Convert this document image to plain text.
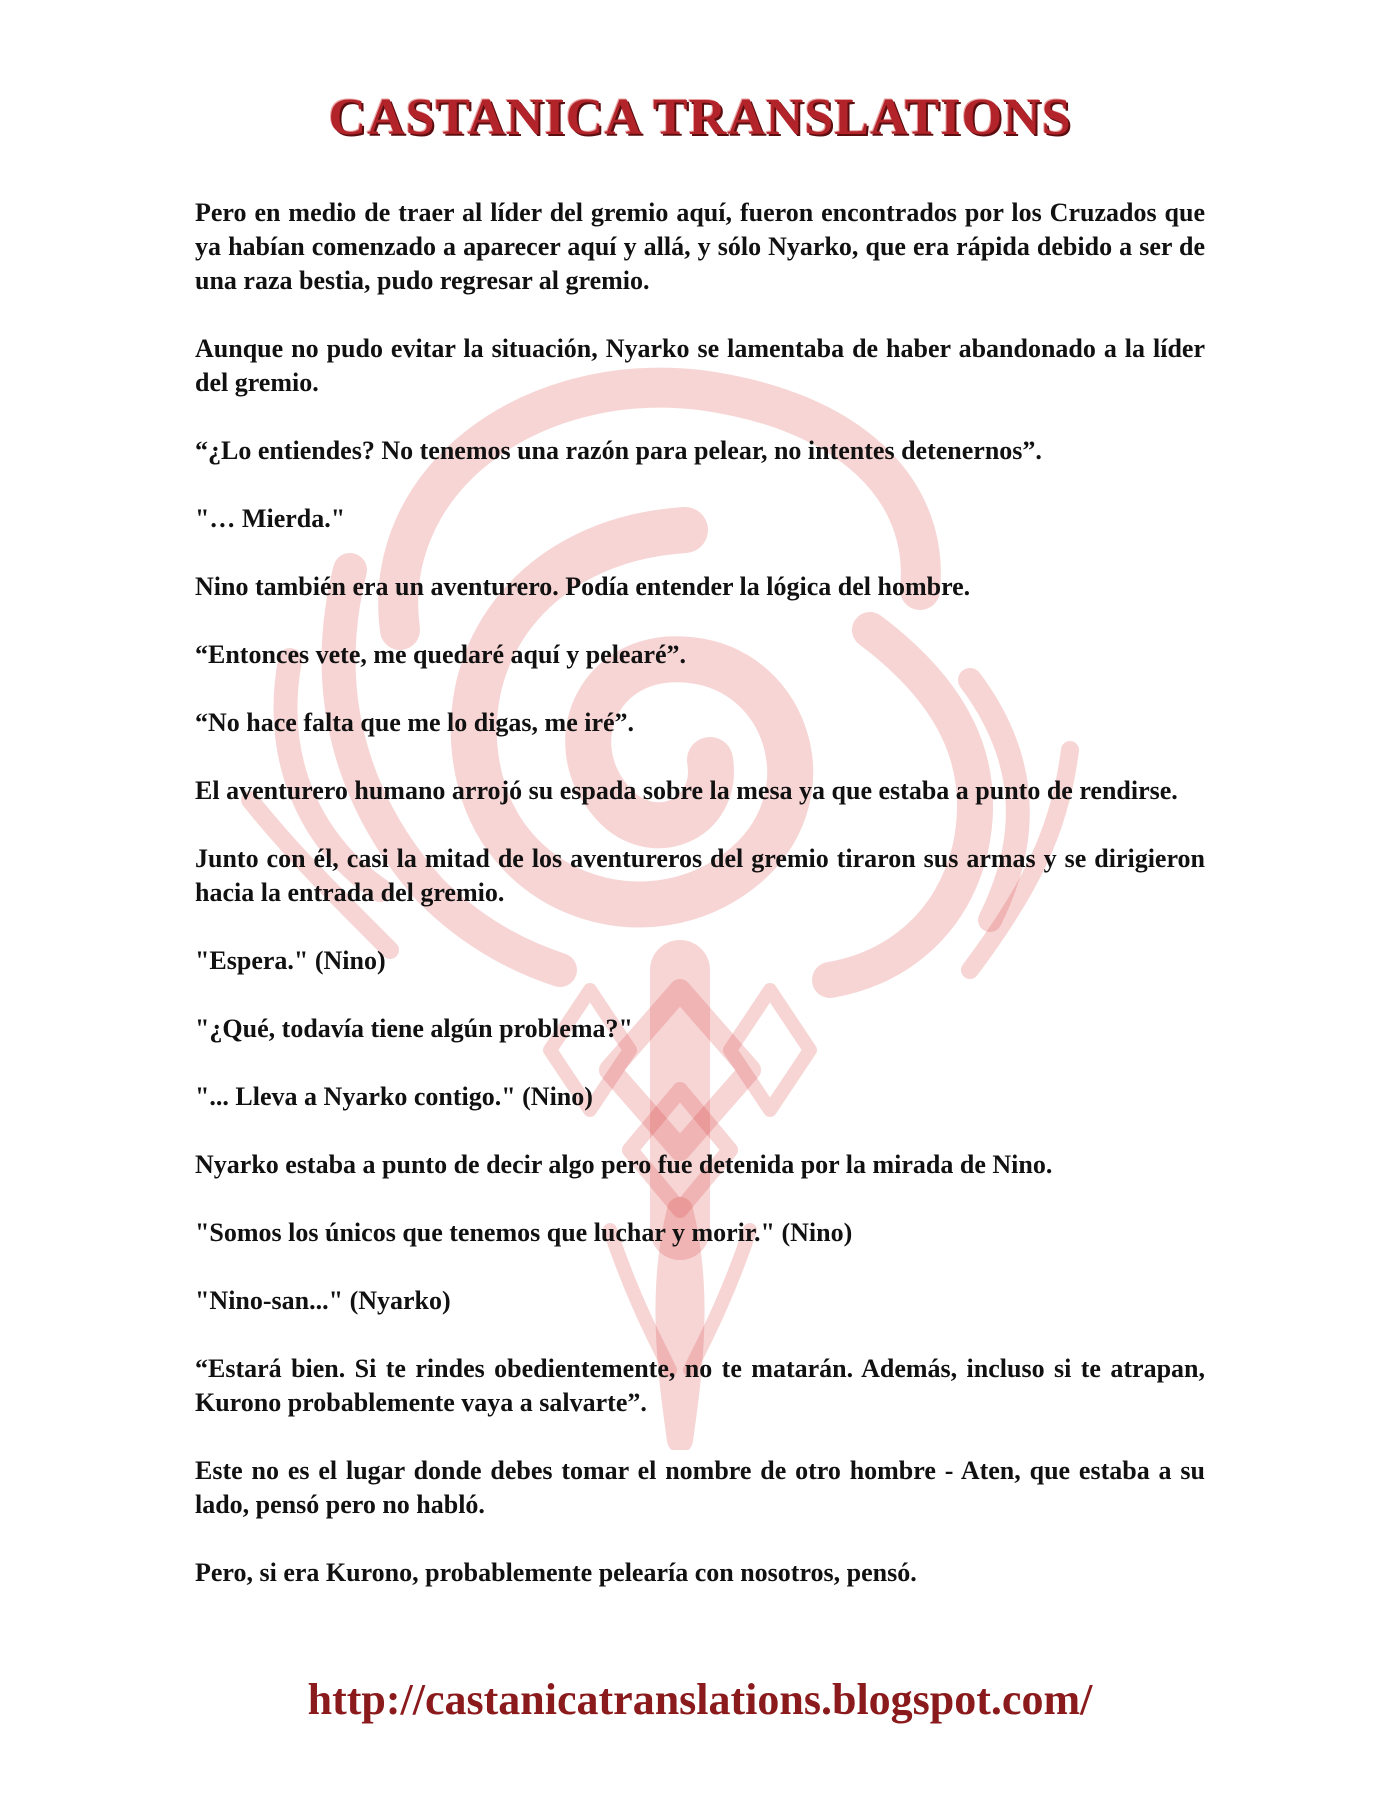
CASTANICA TRANSLATIONS

Pero en medio de traer al líder del gremio aquí, fueron encontrados por los Cruzados que ya habían comenzado a aparecer aquí y allá, y sólo Nyarko, que era rápida debido a ser de una raza bestia, pudo regresar al gremio.

Aunque no pudo evitar la situación, Nyarko se lamentaba de haber abandonado a la líder del gremio.

“¿Lo entiendes? No tenemos una razón para pelear, no intentes detenernos”.

"… Mierda."

Nino también era un aventurero. Podía entender la lógica del hombre.

“Entonces vete, me quedaré aquí y pelearé”.

“No hace falta que me lo digas, me iré”.

El aventurero humano arrojó su espada sobre la mesa ya que estaba a punto de rendirse.

Junto con él, casi la mitad de los aventureros del gremio tiraron sus armas y se dirigieron hacia la entrada del gremio.

"Espera." (Nino)

"¿Qué, todavía tiene algún problema?"

"... Lleva a Nyarko contigo." (Nino)

Nyarko estaba a punto de decir algo pero fue detenida por la mirada de Nino.

"Somos los únicos que tenemos que luchar y morir." (Nino)

"Nino-san..." (Nyarko)

“Estará bien. Si te rindes obedientemente, no te matarán. Además, incluso si te atrapan, Kurono probablemente vaya a salvarte”.

Este no es el lugar donde debes tomar el nombre de otro hombre - Aten, que estaba a su lado, pensó pero no habló.

Pero, si era Kurono, probablemente pelearía con nosotros, pensó.

http://castanicatranslations.blogspot.com/
